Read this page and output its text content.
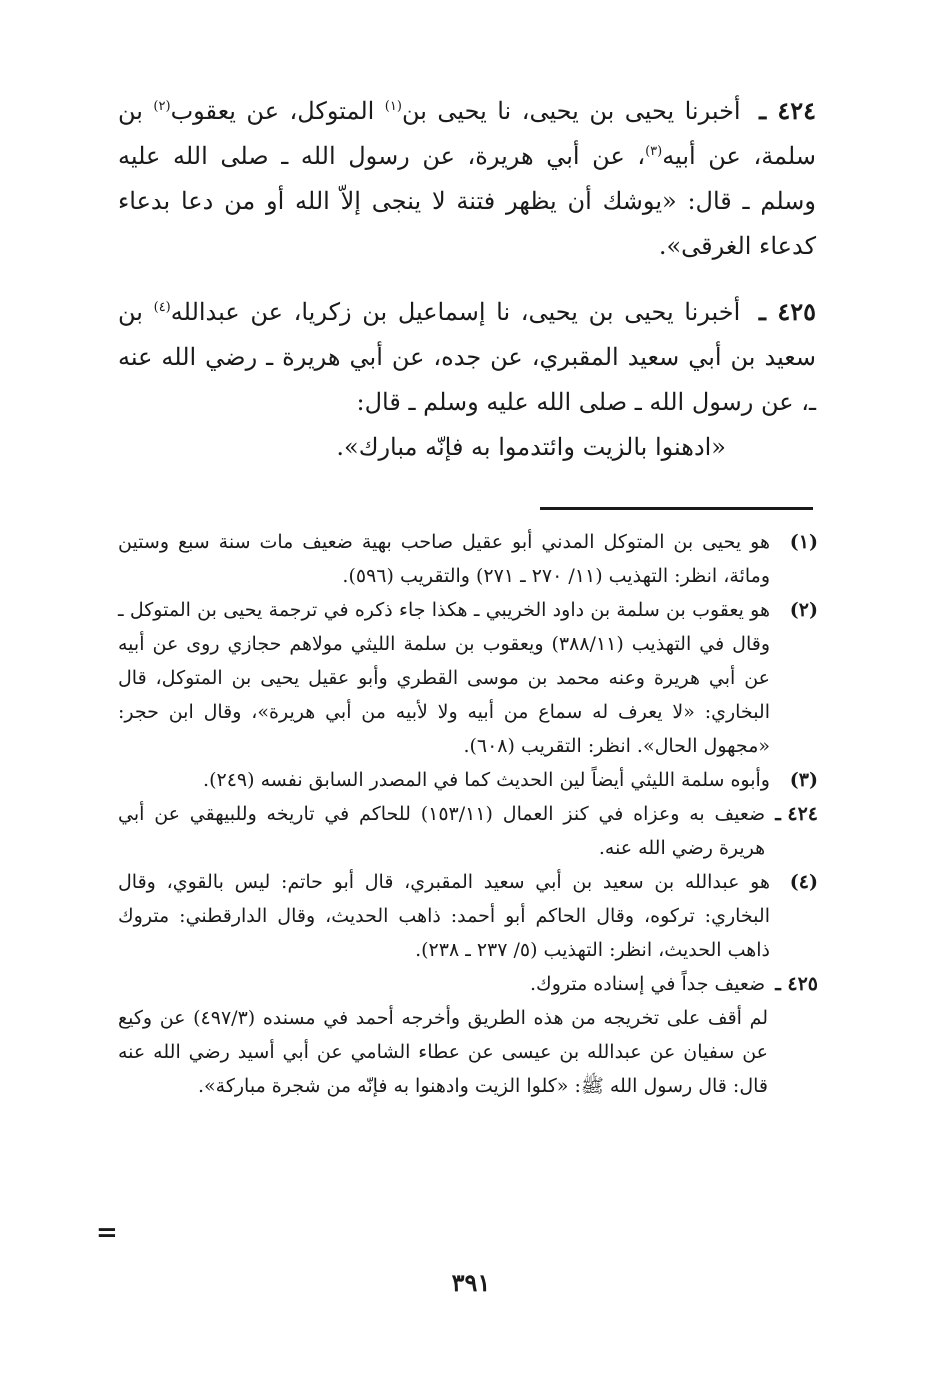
٤٢٤ ـ أخبرنا يحيى بن يحيى، نا يحيى بن$^{(١)}$ المتوكل، عن يعقوب$^{(٢)}$ بن سلمة، عن أبيه$^{(٣)}$، عن أبي هريرة، عن رسول الله ـ صلى الله عليه وسلم ـ قال: «يوشك أن يظهر فتنة لا ينجى إلاّ الله أو من دعا بدعاء كدعاء الغرقى».

٤٢٥ ـ أخبرنا يحيى بن يحيى، نا إسماعيل بن زكريا، عن عبدالله$^{(٤)}$ بن سعيد بن أبي سعيد المقبري، عن جده، عن أبي هريرة ـ رضي الله عنه ـ، عن رسول الله ـ صلى الله عليه وسلم ـ قال:
«ادهنوا بالزيت وائتدموا به فإنّه مبارك».

(١)
هو يحيى بن المتوكل المدني أبو عقيل صاحب بهية ضعيف مات سنة سبع وستين ومائة، انظر: التهذيب (١١/ ٢٧٠ ـ ٢٧١) والتقريب (٥٩٦).
(٢)
هو يعقوب بن سلمة بن داود الخريبي ـ هكذا جاء ذكره في ترجمة يحيى بن المتوكل ـ وقال في التهذيب (٣٨٨/١١) ويعقوب بن سلمة الليثي مولاهم حجازي روى عن أبيه عن أبي هريرة وعنه محمد بن موسى القطري وأبو عقيل يحيى بن المتوكل، قال البخاري: «لا يعرف له سماع من أبيه ولا لأبيه من أبي هريرة»، وقال ابن حجر: «مجهول الحال». انظر: التقريب (٦٠٨).
(٣)
وأبوه سلمة الليثي أيضاً لين الحديث كما في المصدر السابق نفسه (٢٤٩).
٤٢٤ ـ
ضعيف به وعزاه في كنز العمال (١٥٣/١١) للحاكم في تاريخه وللبيهقي عن أبي هريرة رضي الله عنه.
(٤)
هو عبدالله بن سعيد بن أبي سعيد المقبري، قال أبو حاتم: ليس بالقوي، وقال البخاري: تركوه، وقال الحاكم أبو أحمد: ذاهب الحديث، وقال الدارقطني: متروك ذاهب الحديث، انظر: التهذيب (٥/ ٢٣٧ ـ ٢٣٨).
٤٢٥ ـ
ضعيف جداً في إسناده متروك.
لم أقف على تخريجه من هذه الطريق وأخرجه أحمد في مسنده (٤٩٧/٣) عن وكيع عن سفيان عن عبدالله بن عيسى عن عطاء الشامي عن أبي أسيد رضي الله عنه قال: قال رسول الله ﷺ: «كلوا الزيت وادهنوا به فإنّه من شجرة مباركة».
=
٣٩١
